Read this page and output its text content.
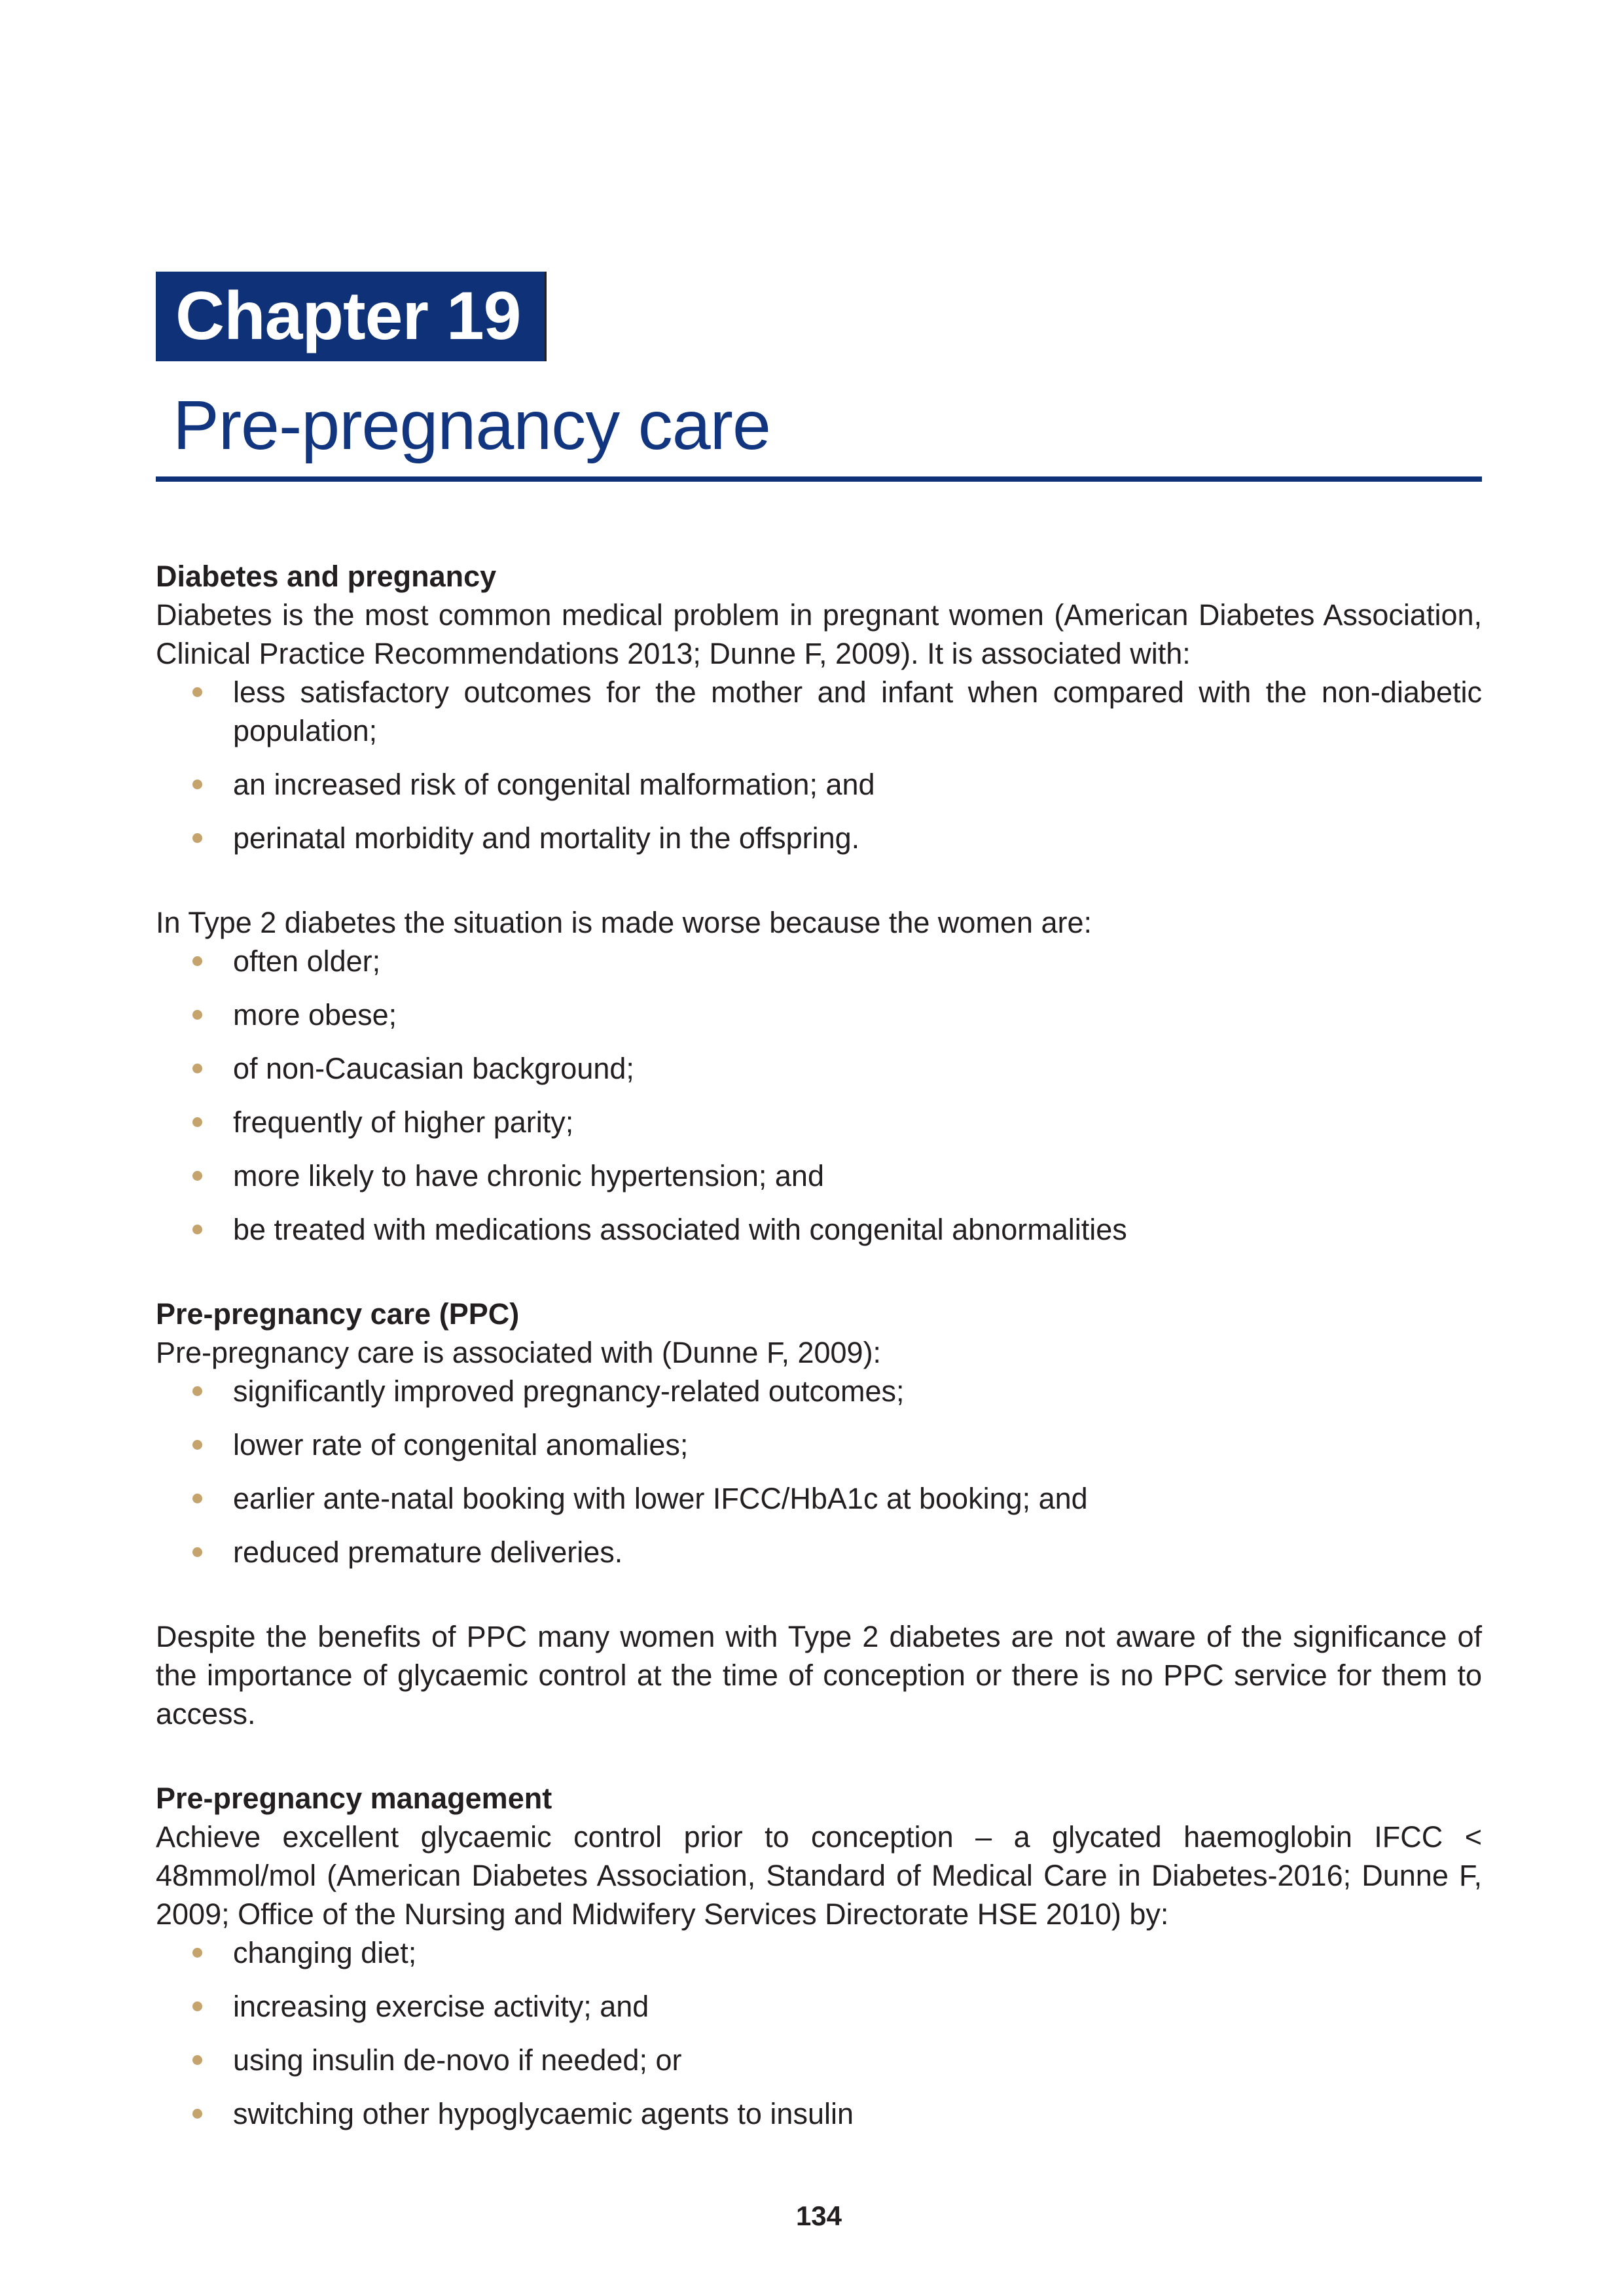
Chapter 19
Pre-pregnancy care
Diabetes and pregnancy

Diabetes is the most common medical problem in pregnant women (American Diabetes Association, Clinical Practice Recommendations 2013; Dunne F, 2009). It is associated with:

less satisfactory outcomes for the mother and infant when compared with the non-diabetic population;
an increased risk of congenital malformation; and
perinatal morbidity and mortality in the offspring.

In Type 2 diabetes the situation is made worse because the women are:

often older;
more obese;
of non-Caucasian background;
frequently of higher parity;
more likely to have chronic hypertension; and
be treated with medications associated with congenital abnormalities
Pre-pregnancy care (PPC)

Pre-pregnancy care is associated with (Dunne F, 2009):

significantly improved pregnancy-related outcomes;
lower rate of congenital anomalies;
earlier ante-natal booking with lower IFCC/HbA1c at booking; and
reduced premature deliveries.

Despite the benefits of PPC many women with Type 2 diabetes are not aware of the significance of the importance of glycaemic control at the time of conception or there is no PPC service for them to access.

Pre-pregnancy management

Achieve excellent glycaemic control prior to conception – a glycated haemoglobin IFCC < 48mmol/mol (American Diabetes Association, Standard of Medical Care in Diabetes-2016; Dunne F, 2009; Office of the Nursing and Midwifery Services Directorate HSE 2010) by:

changing diet;
increasing exercise activity; and
using insulin de-novo if needed; or
switching other hypoglycaemic agents to insulin
134
